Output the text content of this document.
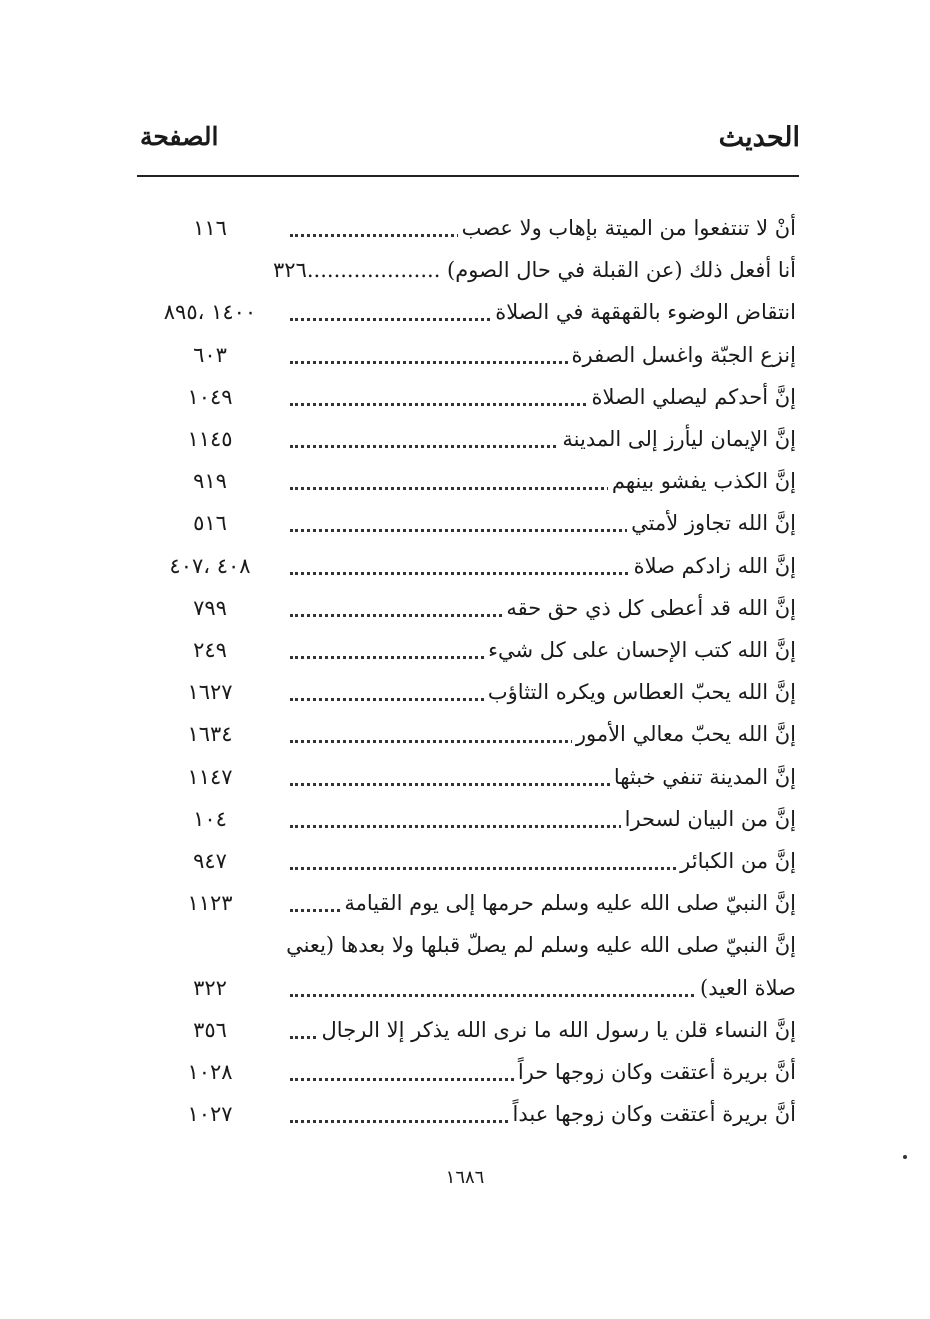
الحديث
الصفحة
أنْ لا تنتفعوا من الميتة بإهاب ولا عصب
١١٦
أنا أفعل ذلك (عن القبلة في حال الصوم) ....................٣٢٦
انتقاض الوضوء بالقهقهة في الصلاة
١٤٠٠ ،٨٩٥
إنزع الجبّة واغسل الصفرة
٦٠٣
إنَّ أحدكم ليصلي الصلاة
١٠٤٩
إنَّ الإيمان ليأرز إلى المدينة
١١٤٥
إنَّ الكذب يفشو بينهم
٩١٩
إنَّ الله تجاوز لأمتي
٥١٦
إنَّ الله زادكم صلاة
٤٠٨ ،٤٠٧
إنَّ الله قد أعطى كل ذي حق حقه
٧٩٩
إنَّ الله كتب الإحسان على كل شيء
٢٤٩
إنَّ الله يحبّ العطاس ويكره التثاؤب
١٦٢٧
إنَّ الله يحبّ معالي الأمور
١٦٣٤
إنَّ المدينة تنفي خبثها
١١٤٧
إنَّ من البيان لسحرا
١٠٤
إنَّ من الكبائر
٩٤٧
إنَّ النبيّ صلى الله عليه وسلم حرمها إلى يوم القيامة
١١٢٣
إنَّ النبيّ صلى الله عليه وسلم لم يصلّ قبلها ولا بعدها (يعني
صلاة العيد)
٣٢٢
إنَّ النساء قلن يا رسول الله ما نرى الله يذكر إلا الرجال
٣٥٦
أنَّ بريرة أعتقت وكان زوجها حراً
١٠٢٨
أنَّ بريرة أعتقت وكان زوجها عبداً
١٠٢٧
١٦٨٦
